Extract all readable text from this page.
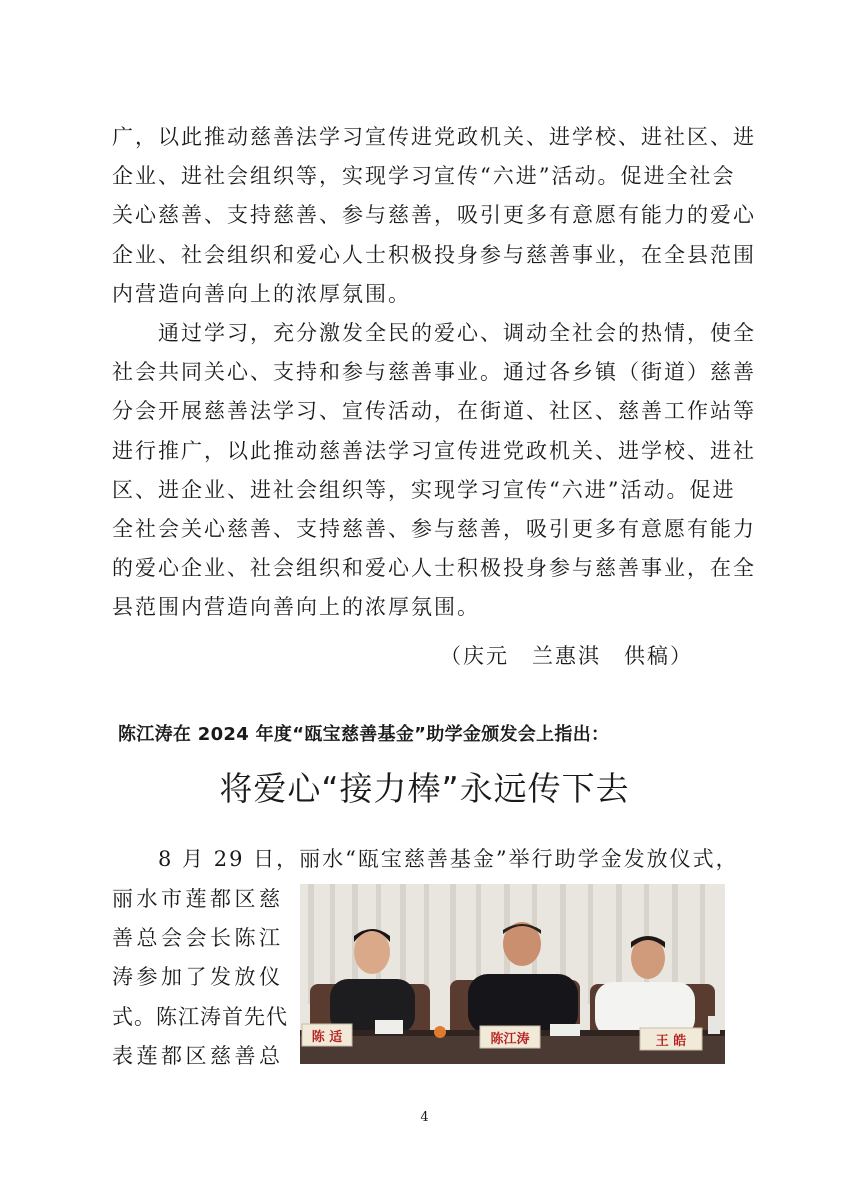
广，以此推动慈善法学习宣传进党政机关、进学校、进社区、进
企业、进社会组织等，实现学习宣传“六进”活动。促进全社会
关心慈善、支持慈善、参与慈善，吸引更多有意愿有能力的爱心
企业、社会组织和爱心人士积极投身参与慈善事业，在全县范围
内营造向善向上的浓厚氛围。
　　通过学习，充分激发全民的爱心、调动全社会的热情，使全
社会共同关心、支持和参与慈善事业。通过各乡镇（街道）慈善
分会开展慈善法学习、宣传活动，在街道、社区、慈善工作站等
进行推广，以此推动慈善法学习宣传进党政机关、进学校、进社
区、进企业、进社会组织等，实现学习宣传“六进”活动。促进
全社会关心慈善、支持慈善、参与慈善，吸引更多有意愿有能力
的爱心企业、社会组织和爱心人士积极投身参与慈善事业，在全
县范围内营造向善向上的浓厚氛围。

（庆元　兰惠淇　供稿）

陈江涛在 2024 年度“瓯宝慈善基金”助学金颁发会上指出：

将爱心“接力棒”永远传下去
　　8 月 29 日，丽水“瓯宝慈善基金”举行助学金发放仪式，
丽水市莲都区慈
善总会会长陈江
涛参加了发放仪
式。陈江涛首先代
表莲都区慈善总
陈 适	陈江涛	王 皓

4
